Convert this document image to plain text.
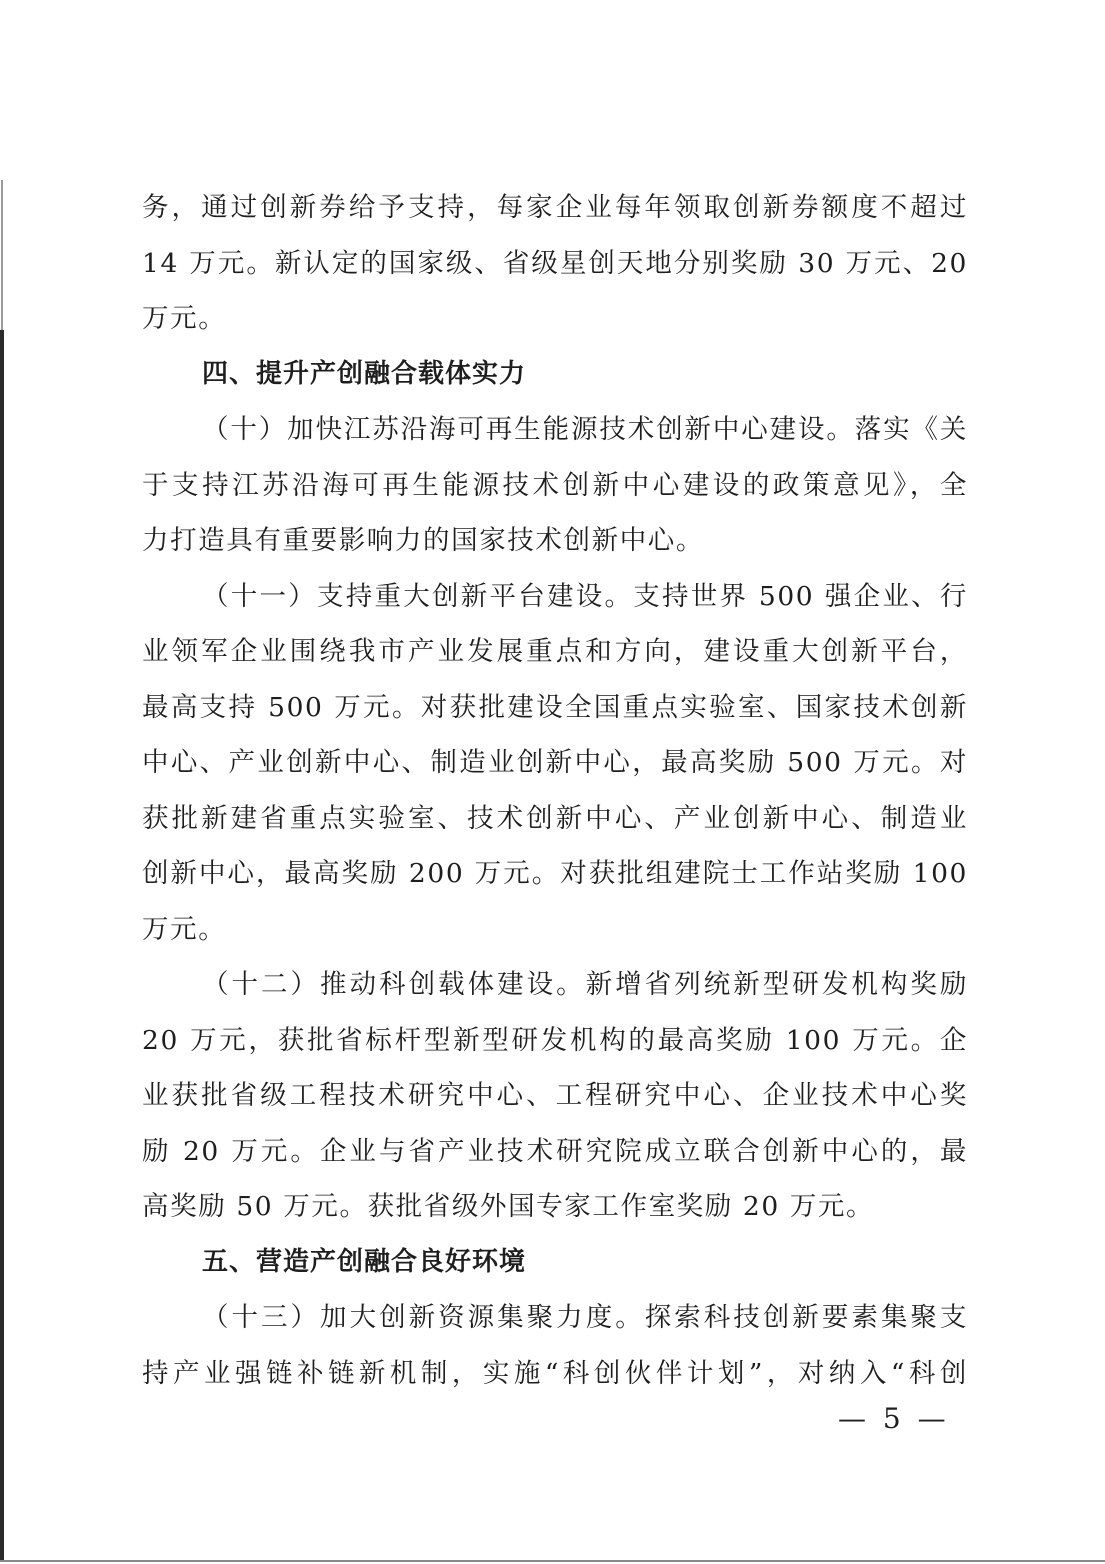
务，通过创新券给予支持，每家企业每年领取创新券额度不超过
14 万元。新认定的国家级、省级星创天地分别奖励 30 万元、20
万元。
四、提升产创融合载体实力
（十）加快江苏沿海可再生能源技术创新中心建设。落实《关
于支持江苏沿海可再生能源技术创新中心建设的政策意见》，全
力打造具有重要影响力的国家技术创新中心。
（十一）支持重大创新平台建设。支持世界 500 强企业、行
业领军企业围绕我市产业发展重点和方向，建设重大创新平台，
最高支持 500 万元。对获批建设全国重点实验室、国家技术创新
中心、产业创新中心、制造业创新中心，最高奖励 500 万元。对
获批新建省重点实验室、技术创新中心、产业创新中心、制造业
创新中心，最高奖励 200 万元。对获批组建院士工作站奖励 100
万元。
（十二）推动科创载体建设。新增省列统新型研发机构奖励
20 万元，获批省标杆型新型研发机构的最高奖励 100 万元。企
业获批省级工程技术研究中心、工程研究中心、企业技术中心奖
励 20 万元。企业与省产业技术研究院成立联合创新中心的，最
高奖励 50 万元。获批省级外国专家工作室奖励 20 万元。
五、营造产创融合良好环境
（十三）加大创新资源集聚力度。探索科技创新要素集聚支
持产业强链补链新机制，实施“科创伙伴计划”，对纳入“科创
— 5 —
